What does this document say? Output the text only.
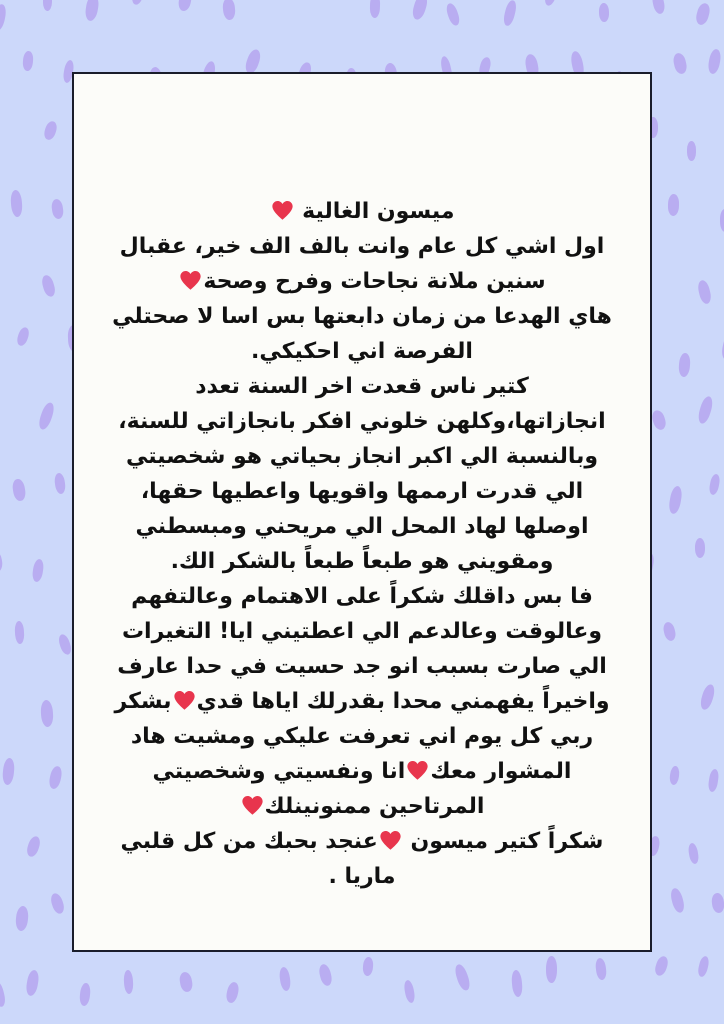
ميسون الغالية
اول اشي كل عام وانت بالف الف خير، عقبال
سنين ملانة نجاحات وفرح وصحة
هاي الهدعا من زمان دابعتها بس اسا لا صحتلي
الفرصة اني احكيكي.
كتير ناس قعدت اخر السنة تعدد
انجازاتها،وكلهن خلوني افكر بانجازاتي للسنة،
وبالنسبة الي اكبر انجاز بحياتي هو شخصيتي
الي قدرت ارممها واقويها واعطيها حقها،
اوصلها لهاد المحل الي مريحني ومبسطني
ومقويني هو طبعاً طبعاً بالشكر الك.
فا بس داقلك شكراً على الاهتمام وعالتفهم
وعالوقت وعالدعم الي اعطتيني ايا! التغيرات
الي صارت بسبب انو جد حسيت في حدا عارف
واخيراً يفهمني محدا بقدرلك اياها قديبشكر
ربي كل يوم اني تعرفت عليكي ومشيت هاد
المشوار معكانا ونفسيتي وشخصيتي
المرتاحين ممنونينلك
شكراً كتير ميسون عنجد بحبك من كل قلبي
ماريا .
